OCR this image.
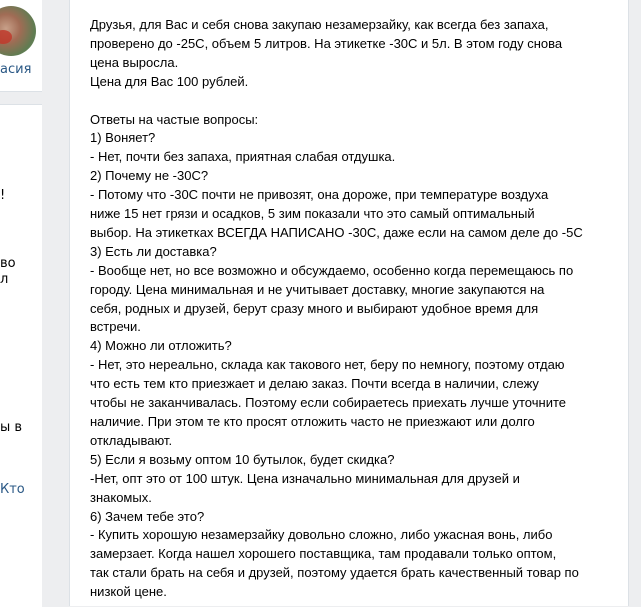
асия
!
во
л
ы в
Кто
Друзья, для Вас и себя снова закупаю незамерзайку, как всегда без запаха,
проверено до -25С, объем 5 литров. На этикетке -30С и 5л. В этом году снова
цена выросла.
Цена для Вас 100 рублей.
Ответы на частые вопросы:
1) Воняет?
- Нет, почти без запаха, приятная слабая отдушка.
2) Почему не -30С?
- Потому что -30С почти не привозят, она дороже, при температуре воздуха
ниже 15 нет грязи и осадков, 5 зим показали что это самый оптимальный
выбор. На этикетках ВСЕГДА НАПИСАНО -30С, даже если на самом деле до -5С
3) Есть ли доставка?
- Вообще нет, но все возможно и обсуждаемо, особенно когда перемещаюсь по
городу. Цена минимальная и не учитывает доставку, многие закупаются на
себя, родных и друзей, берут сразу много и выбирают удобное время для
встречи.
4) Можно ли отложить?
- Нет, это нереально, склада как такового нет, беру по немногу, поэтому отдаю
что есть тем кто приезжает и делаю заказ. Почти всегда в наличии, слежу
чтобы не заканчивалась. Поэтому если собираетесь приехать лучше уточните
наличие. При этом те кто просят отложить часто не приезжают или долго
откладывают.
5) Если я возьму оптом 10 бутылок, будет скидка?
-Нет, опт это от 100 штук. Цена изначально минимальная для друзей и
знакомых.
6) Зачем тебе это?
- Купить хорошую незамерзайку довольно сложно, либо ужасная вонь, либо
замерзает. Когда нашел хорошего поставщика, там продавали только оптом,
так стали брать на себя и друзей, поэтому удается брать качественный товар по
низкой цене.
